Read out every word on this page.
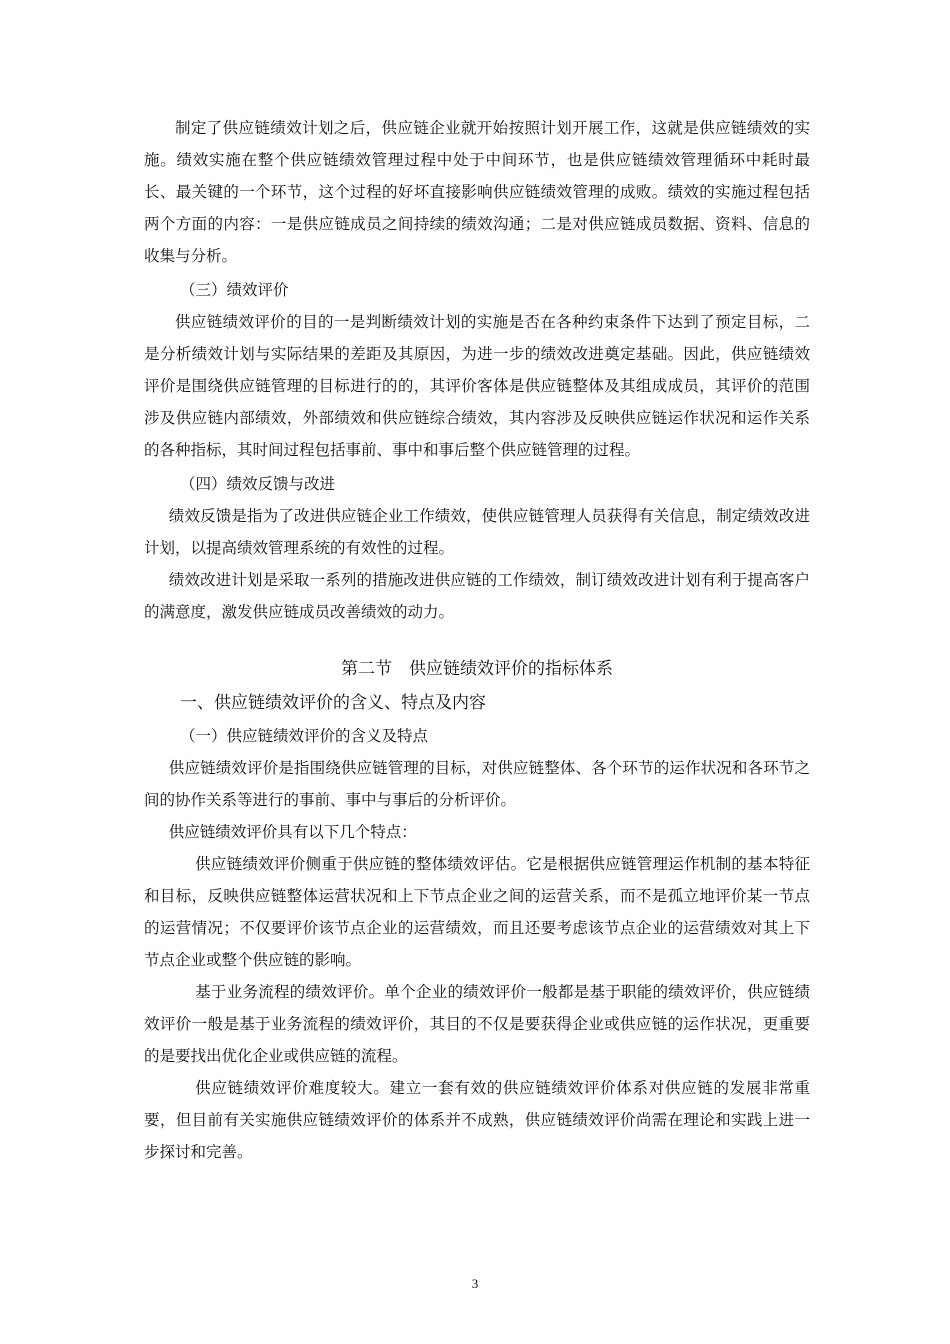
制定了供应链绩效计划之后，供应链企业就开始按照计划开展工作，这就是供应链绩效的实施。绩效实施在整个供应链绩效管理过程中处于中间环节，也是供应链绩效管理循环中耗时最长、最关键的一个环节，这个过程的好坏直接影响供应链绩效管理的成败。绩效的实施过程包括两个方面的内容：一是供应链成员之间持续的绩效沟通；二是对供应链成员数据、资料、信息的收集与分析。

（三）绩效评价

供应链绩效评价的目的一是判断绩效计划的实施是否在各种约束条件下达到了预定目标，二是分析绩效计划与实际结果的差距及其原因，为进一步的绩效改进奠定基础。因此，供应链绩效评价是围绕供应链管理的目标进行的的，其评价客体是供应链整体及其组成成员，其评价的范围涉及供应链内部绩效，外部绩效和供应链综合绩效，其内容涉及反映供应链运作状况和运作关系的各种指标，其时间过程包括事前、事中和事后整个供应链管理的过程。

（四）绩效反馈与改进

绩效反馈是指为了改进供应链企业工作绩效，使供应链管理人员获得有关信息，制定绩效改进计划，以提高绩效管理系统的有效性的过程。

绩效改进计划是采取一系列的措施改进供应链的工作绩效，制订绩效改进计划有利于提高客户的满意度，激发供应链成员改善绩效的动力。

第二节　供应链绩效评价的指标体系

一、供应链绩效评价的含义、特点及内容

（一）供应链绩效评价的含义及特点

供应链绩效评价是指围绕供应链管理的目标，对供应链整体、各个环节的运作状况和各环节之间的协作关系等进行的事前、事中与事后的分析评价。

供应链绩效评价具有以下几个特点：

供应链绩效评价侧重于供应链的整体绩效评估。它是根据供应链管理运作机制的基本特征和目标，反映供应链整体运营状况和上下节点企业之间的运营关系，而不是孤立地评价某一节点的运营情况；不仅要评价该节点企业的运营绩效，而且还要考虑该节点企业的运营绩效对其上下节点企业或整个供应链的影响。

基于业务流程的绩效评价。单个企业的绩效评价一般都是基于职能的绩效评价，供应链绩效评价一般是基于业务流程的绩效评价，其目的不仅是要获得企业或供应链的运作状况，更重要的是要找出优化企业或供应链的流程。

供应链绩效评价难度较大。建立一套有效的供应链绩效评价体系对供应链的发展非常重要，但目前有关实施供应链绩效评价的体系并不成熟，供应链绩效评价尚需在理论和实践上进一步探讨和完善。

3
